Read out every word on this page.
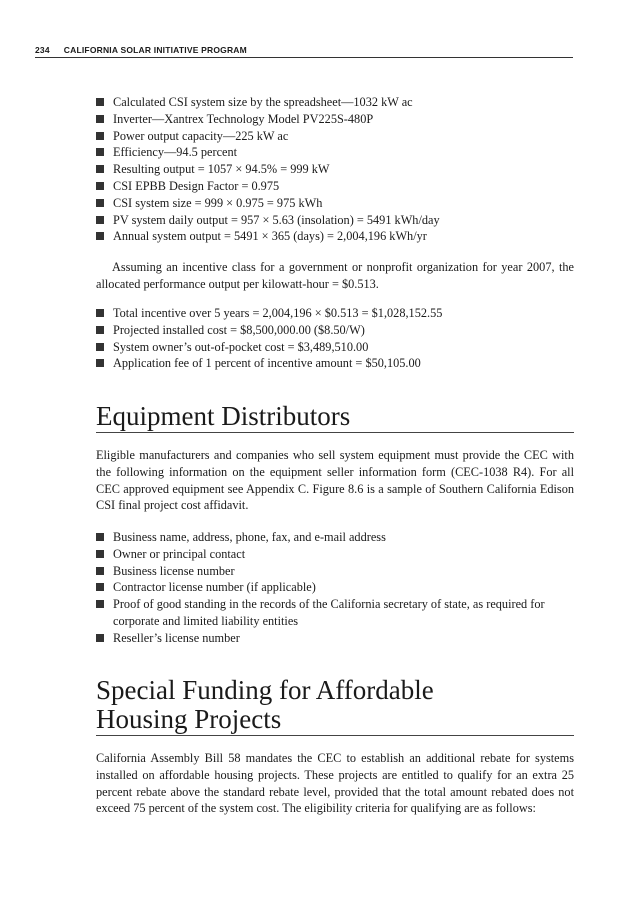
234 CALIFORNIA SOLAR INITIATIVE PROGRAM
Calculated CSI system size by the spreadsheet—1032 kW ac
Inverter—Xantrex Technology Model PV225S-480P
Power output capacity—225 kW ac
Efficiency—94.5 percent
Resulting output = 1057 × 94.5% = 999 kW
CSI EPBB Design Factor = 0.975
CSI system size = 999 × 0.975 = 975 kWh
PV system daily output = 957 × 5.63 (insolation) = 5491 kWh/day
Annual system output = 5491 × 365 (days) = 2,004,196 kWh/yr

Assuming an incentive class for a government or nonprofit organization for year 2007, the allocated performance output per kilowatt-hour = $0.513.

Total incentive over 5 years = 2,004,196 × $0.513 = $1,028,152.55
Projected installed cost = $8,500,000.00 ($8.50/W)
System owner’s out-of-pocket cost = $3,489,510.00
Application fee of 1 percent of incentive amount = $50,105.00
Equipment Distributors

Eligible manufacturers and companies who sell system equipment must provide the CEC with the following information on the equipment seller information form (CEC-1038 R4). For all CEC approved equipment see Appendix C. Figure 8.6 is a sample of Southern California Edison CSI final project cost affidavit.

Business name, address, phone, fax, and e-mail address
Owner or principal contact
Business license number
Contractor license number (if applicable)
Proof of good standing in the records of the California secretary of state, as required for corporate and limited liability entities
Reseller’s license number
Special Funding for Affordable
Housing Projects

California Assembly Bill 58 mandates the CEC to establish an additional rebate for systems installed on affordable housing projects. These projects are entitled to qualify for an extra 25 percent rebate above the standard rebate level, provided that the total amount rebated does not exceed 75 percent of the system cost. The eligibility criteria for qualifying are as follows:
